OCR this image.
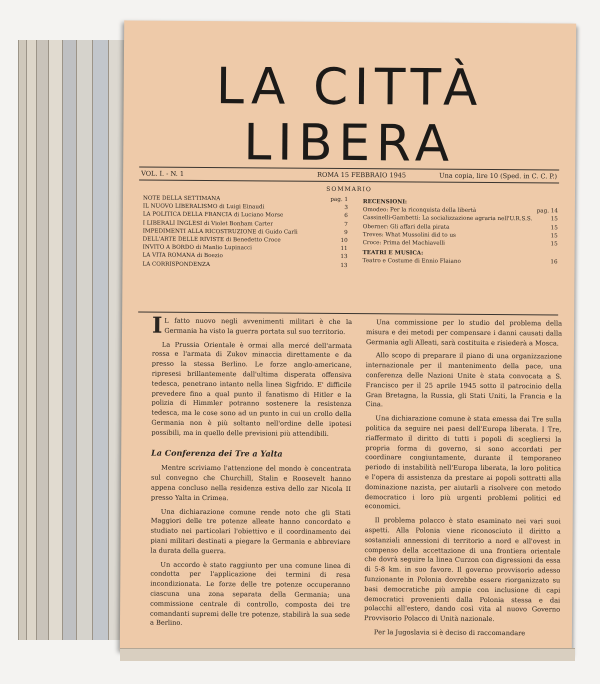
LA CITTÀ
LIBERA
VOL. I. - N. 1	ROMA 15 FEBBRAIO 1945	Una copia, lire 10 (Sped. in C. C. P.)
SOMMARIO
NOTE DELLA SETTIMANA	pag. 1
IL NUOVO LIBERALISMO di Luigi Einaudi	3
LA POLITICA DELLA FRANCIA di Luciano Morse	6
I LIBERALI INGLESI di Violet Bonham Carter	7
IMPEDIMENTI ALLA RICOSTRUZIONE di Guido Carli	9
DELL'ARTE DELLE RIVISTE di Benedetto Croce	10
INVITO A BORDO di Manlio Lupinacci	11
LA VITA ROMANA di Boezio	13
LA CORRISPONDENZA	13
RECENSIONI:
Omodeo: Per la riconquista della libertà	pag. 14
Cassinelli-Gambetti: La socializzazione agraria nell'U.R.S.S.	15
Oberner: Gli affari della pirata	15
Treves: What Mussolini did to us	15
Croce: Prima del Machiavelli	15
TEATRI E MUSICA:
Teatro e Costume di Ennio Flaiano	16

I L fatto nuovo negli avvenimenti militari è che la Germania ha visto la guerra portata sul suo territorio.

La Prussia Orientale è ormai alla mercé dell'armata rossa e l'armata di Zukov minaccia direttamente e da presso la stessa Berlino. Le forze anglo-americane, ripresesi brillantemente dall'ultima disperata offensiva tedesca, penetrano intanto nella linea Sigfrido. E' difficile prevedere fino a qual punto il fanatismo di Hitler e la polizia di Himmler potranno sostenere la resistenza tedesca, ma le cose sono ad un punto in cui un crollo della Germania non è più soltanto nell'ordine delle ipotesi possibili, ma in quello delle previsioni più attendibili.

La Conferenza dei Tre a Yalta

Mentre scriviamo l'attenzione del mondo è concentrata sul convegno che Churchill, Stalin e Roosevelt hanno appena concluso nella residenza estiva dello zar Nicola II presso Yalta in Crimea.

Una dichiarazione comune rende noto che gli Stati Maggiori delle tre potenze alleate hanno concordato e studiato nei particolari l'obiettivo e il coordinamento dei piani militari destinati a piegare la Germania e abbreviare la durata della guerra.

Un accordo è stato raggiunto per una comune linea di condotta per l'applicazione dei termini di resa incondizionata. Le forze delle tre potenze occuperanno ciascuna una zona separata della Germania; una commissione centrale di controllo, composta dei tre comandanti supremi delle tre potenze, stabilirà la sua sede a Berlino.

Una commissione per lo studio del problema della misura e dei metodi per compensare i danni causati dalla Germania agli Alleati, sarà costituita e risiederà a Mosca.

Allo scopo di preparare il piano di una organizzazione internazionale per il mantenimento della pace, una conferenza delle Nazioni Unite è stata convocata a S. Francisco per il 25 aprile 1945 sotto il patrocinio della Gran Bretagna, la Russia, gli Stati Uniti, la Francia e la Cina.

Una dichiarazione comune è stata emessa dai Tre sulla politica da seguire nei paesi dell'Europa liberata. I Tre, riaffermato il diritto di tutti i popoli di scegliersi la propria forma di governo, si sono accordati per coordinare congiuntamente, durante il temporaneo periodo di instabilità nell'Europa liberata, la loro politica e l'opera di assistenza da prestare ai popoli sottratti alla dominazione nazista, per aiutarli a risolvere con metodo democratico i loro più urgenti problemi politici ed economici.

Il problema polacco è stato esaminato nei vari suoi aspetti. Alla Polonia viene riconosciuto il diritto a sostanziali annessioni di territorio a nord e all'ovest in compenso della accettazione di una frontiera orientale che dovrà seguire la linea Curzon con digressioni da essa di 5-8 km. in suo favore. Il governo provvisorio adesso funzionante in Polonia dovrebbe essere riorganizzato su basi democratiche più ampie con inclusione di capi democratici provenienti dalla Polonia stessa e dai polacchi all'estero, dando così vita al nuovo Governo Provvisorio Polacco di Unità nazionale.

Per la Jugoslavia si è deciso di raccomandare
